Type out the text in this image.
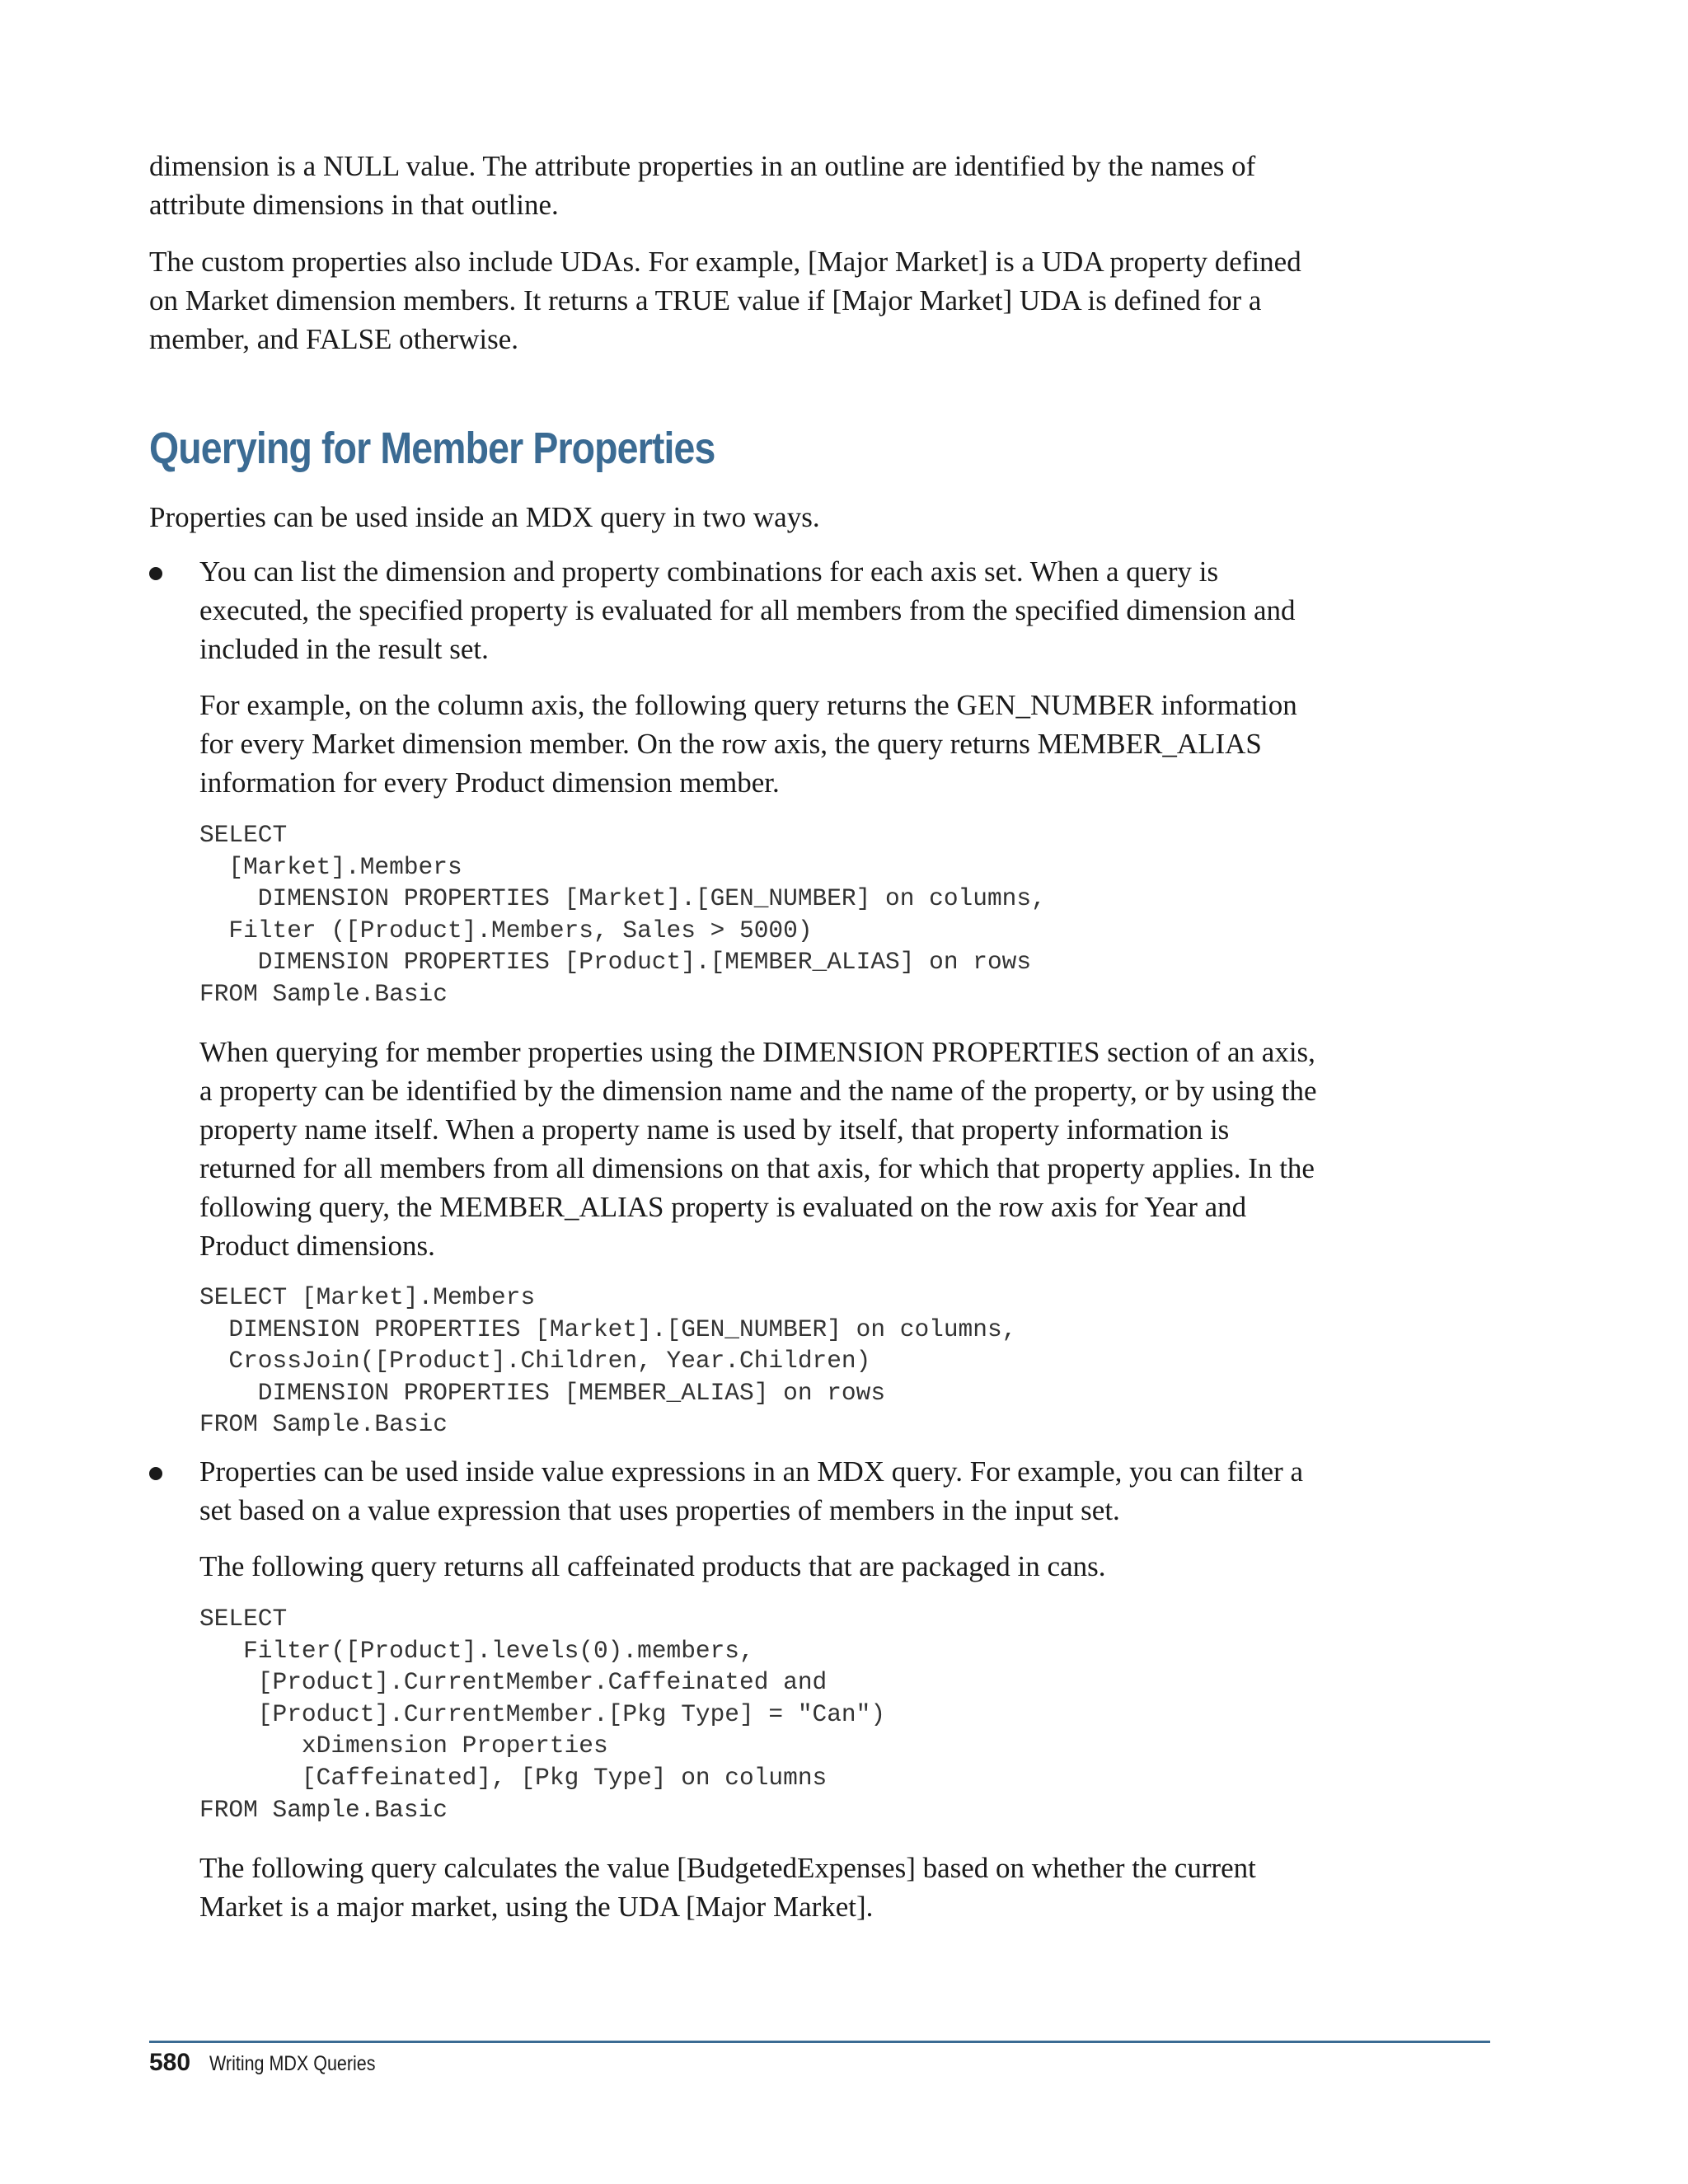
dimension is a NULL value. The attribute properties in an outline are identified by the names of attribute dimensions in that outline.

The custom properties also include UDAs. For example, [Major Market] is a UDA property defined on Market dimension members. It returns a TRUE value if [Major Market] UDA is defined for a member, and FALSE otherwise.

Querying for Member Properties

Properties can be used inside an MDX query in two ways.

You can list the dimension and property combinations for each axis set. When a query is executed, the specified property is evaluated for all members from the specified dimension and included in the result set.

For example, on the column axis, the following query returns the GEN_NUMBER information for every Market dimension member. On the row axis, the query returns MEMBER_ALIAS information for every Product dimension member.

SELECT
[Market].Members
DIMENSION PROPERTIES [Market].[GEN_NUMBER] on columns,
Filter ([Product].Members, Sales > 5000)
DIMENSION PROPERTIES [Product].[MEMBER_ALIAS] on rows
FROM Sample.Basic

When querying for member properties using the DIMENSION PROPERTIES section of an axis, a property can be identified by the dimension name and the name of the property, or by using the property name itself. When a property name is used by itself, that property information is returned for all members from all dimensions on that axis, for which that property applies. In the following query, the MEMBER_ALIAS property is evaluated on the row axis for Year and Product dimensions.

SELECT [Market].Members
DIMENSION PROPERTIES [Market].[GEN_NUMBER] on columns,
CrossJoin([Product].Children, Year.Children)
DIMENSION PROPERTIES [MEMBER_ALIAS] on rows
FROM Sample.Basic

Properties can be used inside value expressions in an MDX query. For example, you can filter a set based on a value expression that uses properties of members in the input set.

The following query returns all caffeinated products that are packaged in cans.

SELECT
Filter([Product].levels(0).members,
[Product].CurrentMember.Caffeinated and
[Product].CurrentMember.[Pkg Type] = "Can")
xDimension Properties
[Caffeinated], [Pkg Type] on columns
FROM Sample.Basic

The following query calculates the value [BudgetedExpenses] based on whether the current Market is a major market, using the UDA [Major Market].

580 Writing MDX Queries
